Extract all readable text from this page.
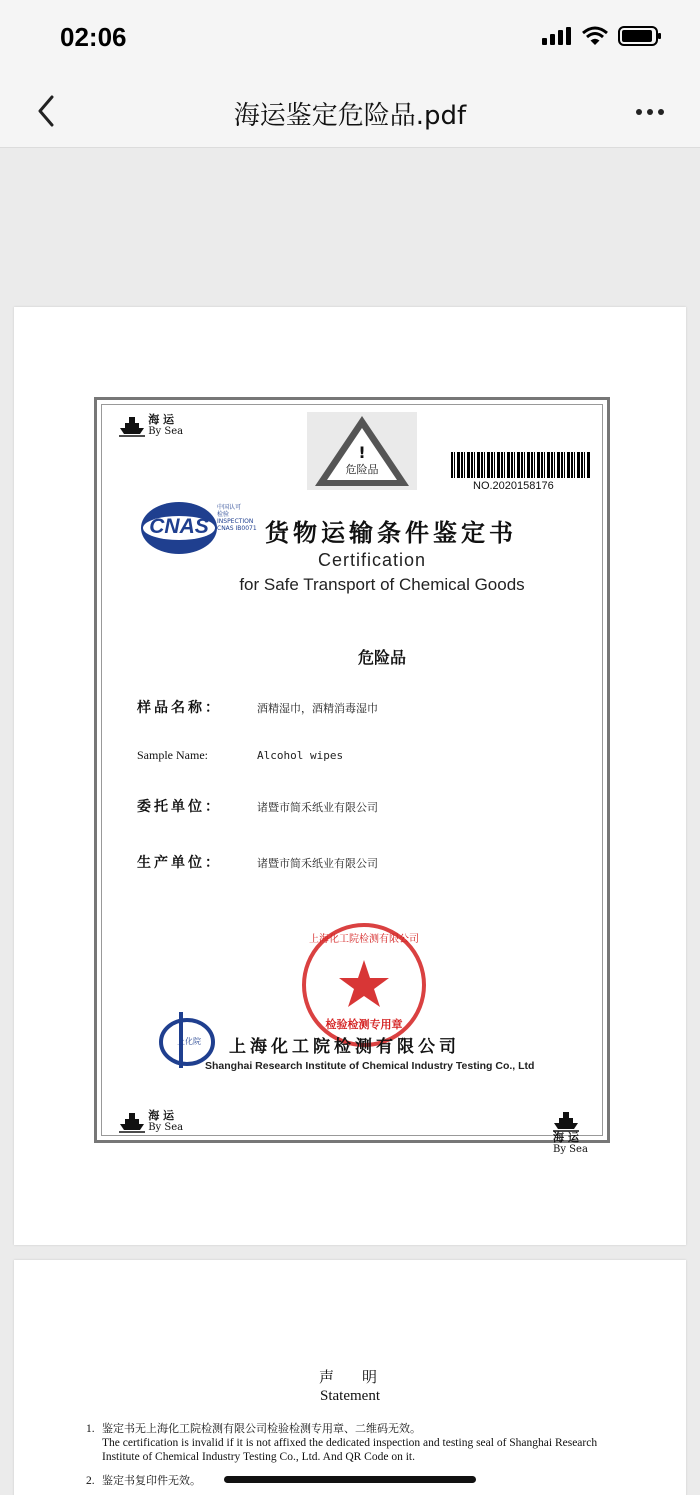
02:06
海运鉴定危险品.pdf

海 运
By Sea
!
危险品
NO.2020158176
CNAS
中国认可
检验
INSPECTION
CNAS IB0071 货物运输条件鉴定书
Certification
for Safe Transport of Chemical Goods
危险品
样品名称：	酒精湿巾，酒精消毒湿巾
Sample Name:	Alcohol wipes
委托单位：	诸暨市简禾纸业有限公司
生产单位：	诸暨市简禾纸业有限公司
上海化工院检测有限公司
检验检测专用章
上化院	上海化工院检测有限公司
Shanghai Research Institute of Chemical Industry Testing Co., Ltd

海 运
By Sea

海 运
By Sea
声明
Statement
1. 鉴定书无上海化工院检测有限公司检验检测专用章、二维码无效。
The certification is invalid if it is not affixed the dedicated inspection and testing seal of Shanghai Research Institute of Chemical Industry Testing Co., Ltd. And QR Code on it.
2. 鉴定书复印件无效。
